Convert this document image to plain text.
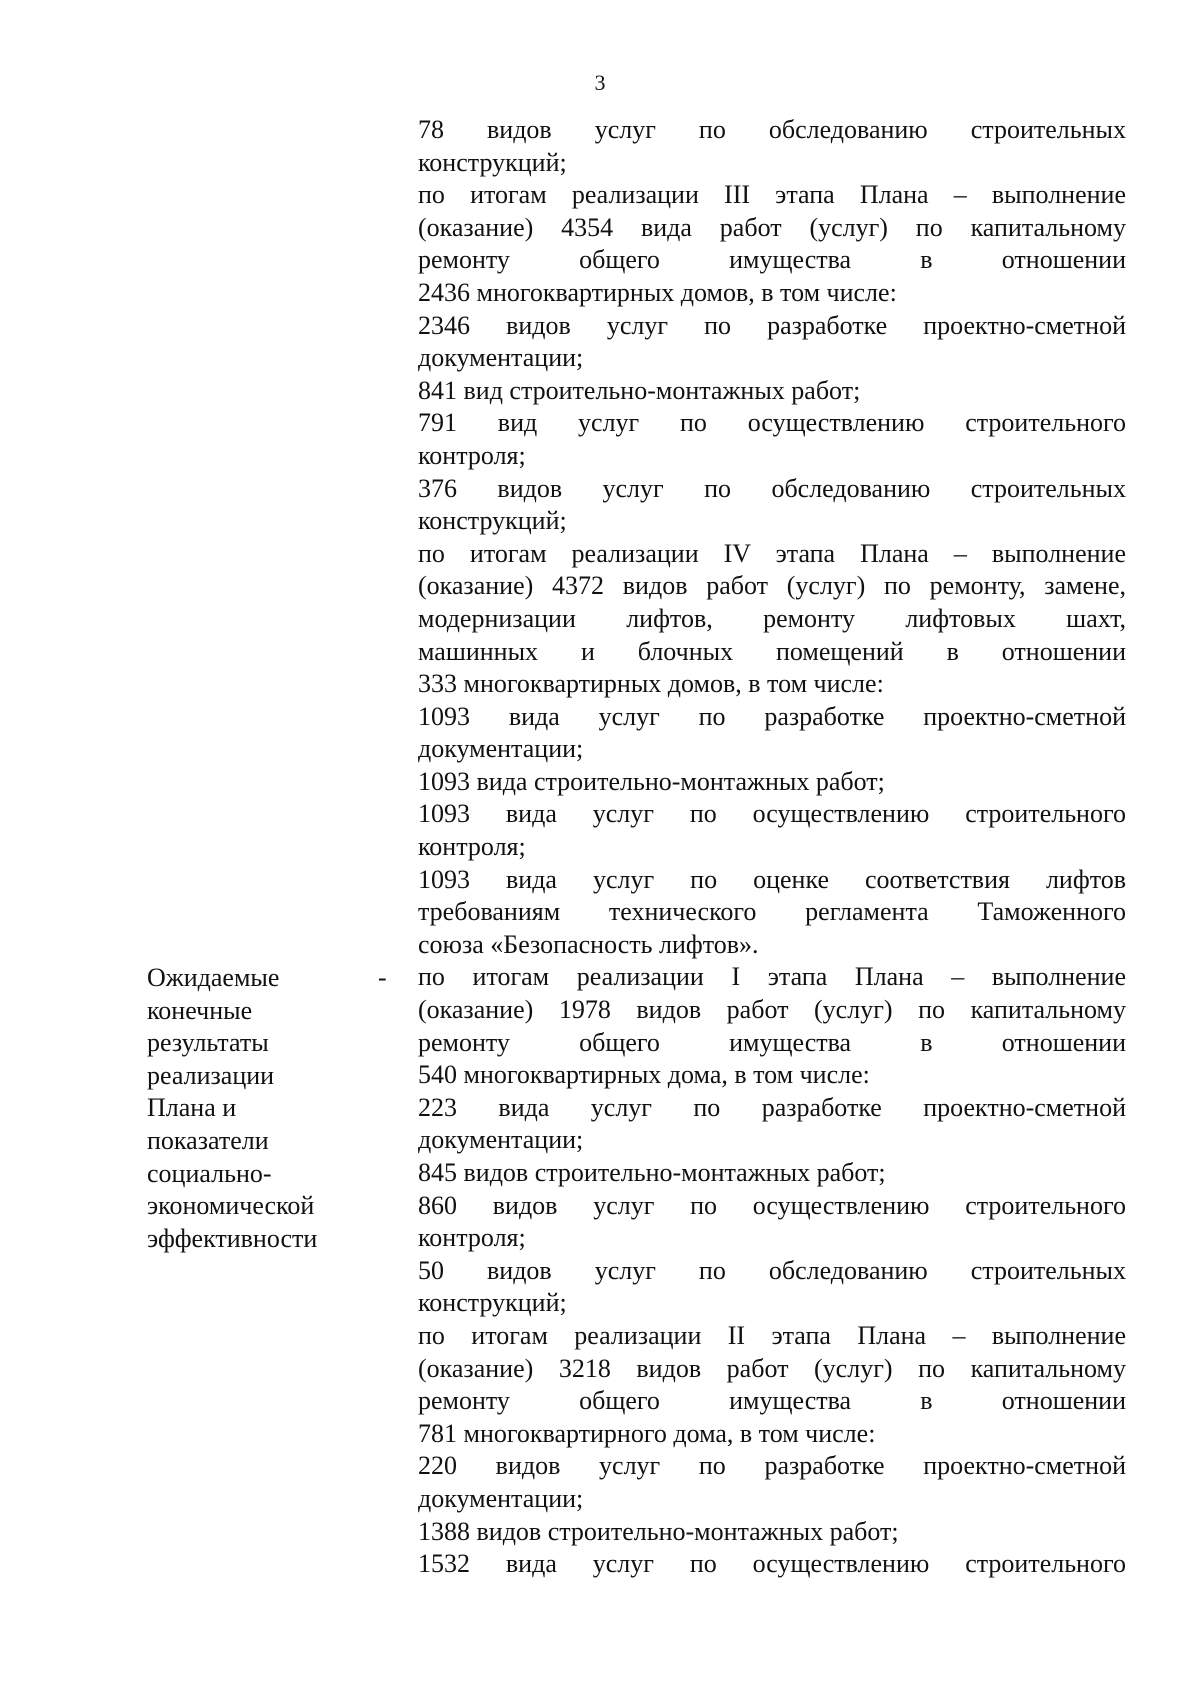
3
78 видов услуг по обследованию строительных
конструкций;
по итогам реализации III этапа Плана – выполнение
(оказание) 4354 вида работ (услуг) по капитальному
ремонту общего имущества в отношении
2436 многоквартирных домов, в том числе:
2346 видов услуг по разработке проектно-сметной
документации;
841 вид строительно-монтажных работ;
791 вид услуг по осуществлению строительного
контроля;
376 видов услуг по обследованию строительных
конструкций;
по итогам реализации IV этапа Плана – выполнение
(оказание) 4372 видов работ (услуг) по ремонту, замене,
модернизации лифтов, ремонту лифтовых шахт,
машинных и блочных помещений в отношении
333 многоквартирных домов, в том числе:
1093 вида услуг по разработке проектно-сметной
документации;
1093 вида строительно-монтажных работ;
1093 вида услуг по осуществлению строительного
контроля;
1093 вида услуг по оценке соответствия лифтов
требованиям технического регламента Таможенного
союза «Безопасность лифтов».
по итогам реализации I этапа Плана – выполнение
(оказание) 1978 видов работ (услуг) по капитальному
ремонту общего имущества в отношении
540 многоквартирных дома, в том числе:
223 вида услуг по разработке проектно-сметной
документации;
845 видов строительно-монтажных работ;
860 видов услуг по осуществлению строительного
контроля;
50 видов услуг по обследованию строительных
конструкций;
по итогам реализации II этапа Плана – выполнение
(оказание) 3218 видов работ (услуг) по капитальному
ремонту общего имущества в отношении
781 многоквартирного дома, в том числе:
220 видов услуг по разработке проектно-сметной
документации;
1388 видов строительно-монтажных работ;
1532 вида услуг по осуществлению строительного
-
Ожидаемые
конечные
результаты
реализации
Плана и
показатели
социально-
экономической
эффективности
